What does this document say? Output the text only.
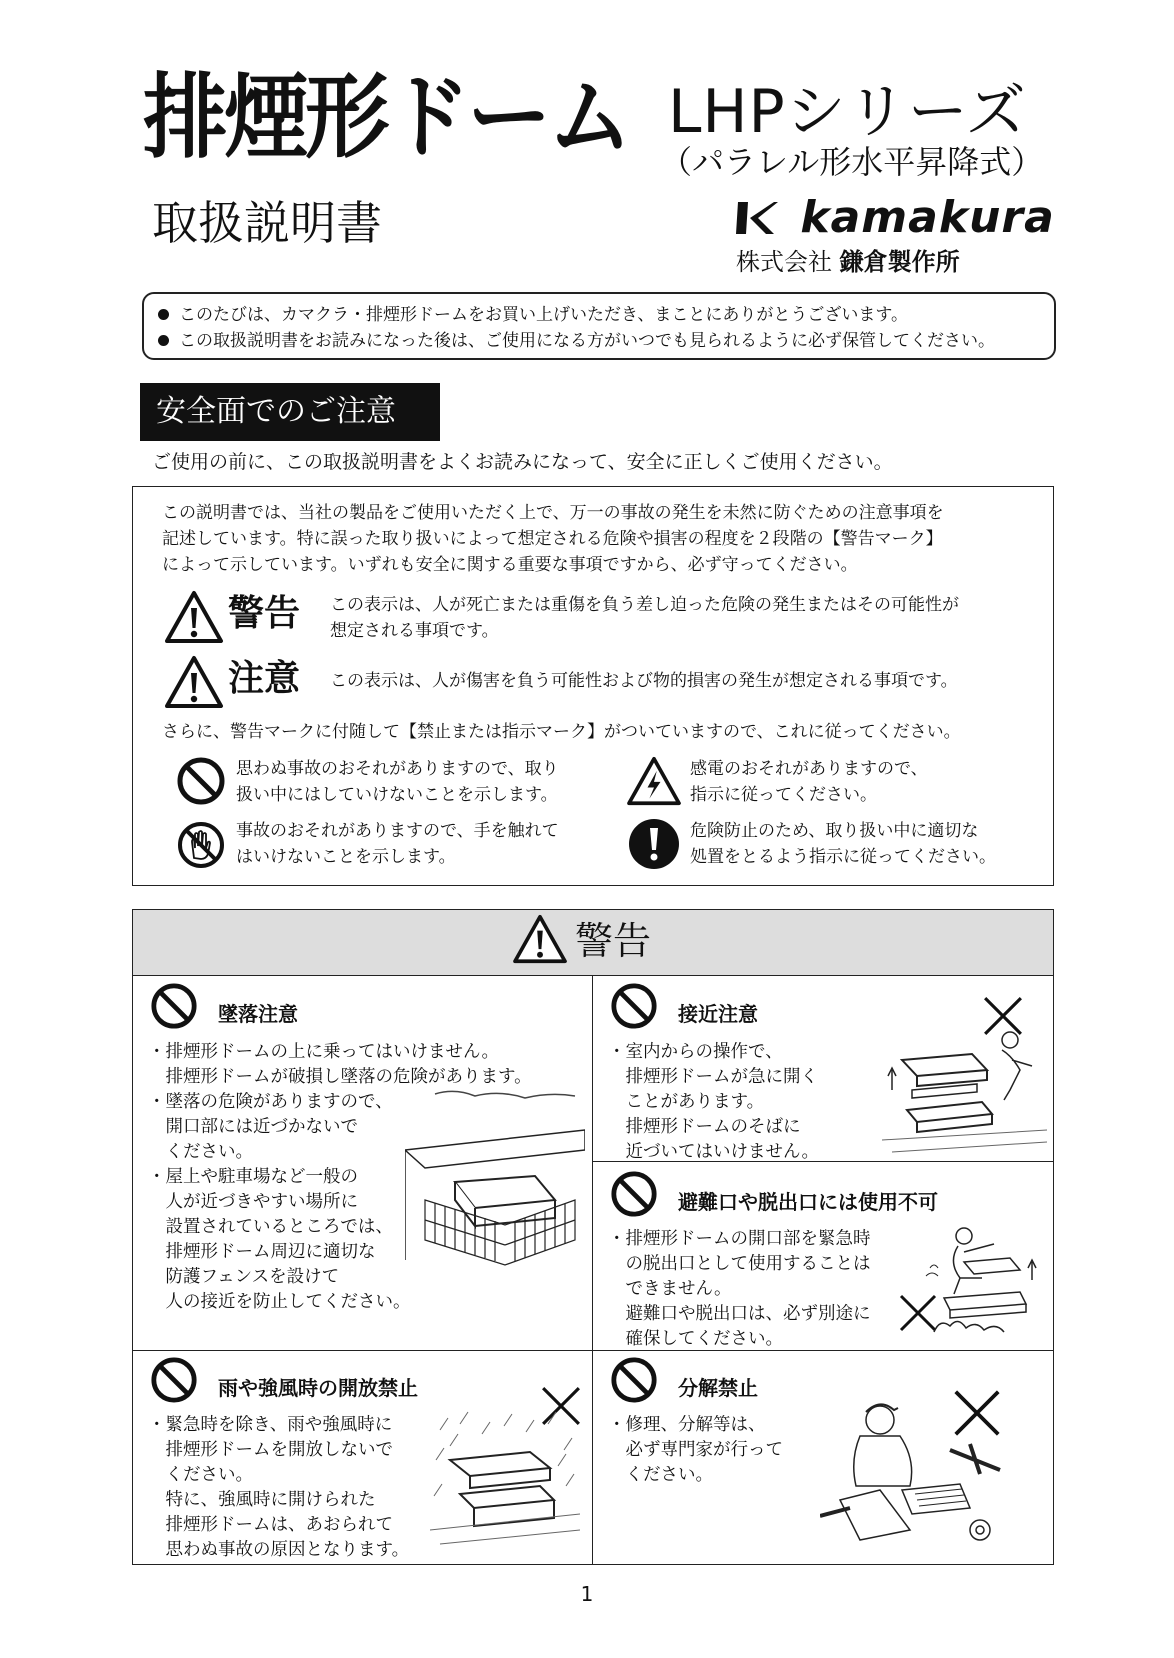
排煙形ドーム LHPシリーズ
（パラレル形水平昇降式）
取扱説明書	kamakura
株式会社 鎌倉製作所
このたびは、カマクラ・排煙形ドームをお買い上げいただき、まことにありがとうございます。
この取扱説明書をお読みになった後は、ご使用になる方がいつでも見られるように必ず保管してください。
安全面でのご注意
ご使用の前に、この取扱説明書をよくお読みになって、安全に正しくご使用ください。
この説明書では、当社の製品をご使用いただく上で、万一の事故の発生を未然に防ぐための注意事項を
記述しています。特に誤った取り扱いによって想定される危険や損害の程度を２段階の【警告マーク】
によって示しています。いずれも安全に関する重要な事項ですから、必ず守ってください。
警告 この表示は、人が死亡または重傷を負う差し迫った危険の発生またはその可能性が
想定される事項です。
注意 この表示は、人が傷害を負う可能性および物的損害の発生が想定される事項です。
さらに、警告マークに付随して【禁止または指示マーク】がついていますので、これに従ってください。
思わぬ事故のおそれがありますので、取り
扱い中にはしていけないことを示します。
感電のおそれがありますので、
指示に従ってください。
事故のおそれがありますので、手を触れて
はいけないことを示します。
危険防止のため、取り扱い中に適切な
処置をとるよう指示に従ってください。
警告
墜落注意
・排煙形ドームの上に乗ってはいけません。
　排煙形ドームが破損し墜落の危険があります。
・墜落の危険がありますので、
　開口部には近づかないで
　ください。
・屋上や駐車場など一般の
　人が近づきやすい場所に
　設置されているところでは、
　排煙形ドーム周辺に適切な
　防護フェンスを設けて
　人の接近を防止してください。
接近注意
・室内からの操作で、
　排煙形ドームが急に開く
　ことがあります。
　排煙形ドームのそばに
　近づいてはいけません。
避難口や脱出口には使用不可
・排煙形ドームの開口部を緊急時
　の脱出口として使用することは
　できません。
　避難口や脱出口は、必ず別途に
　確保してください。
雨や強風時の開放禁止
・緊急時を除き、雨や強風時に
　排煙形ドームを開放しないで
　ください。
　特に、強風時に開けられた
　排煙形ドームは、あおられて
　思わぬ事故の原因となります。
分解禁止
・修理、分解等は、
　必ず専門家が行って
　ください。
1
